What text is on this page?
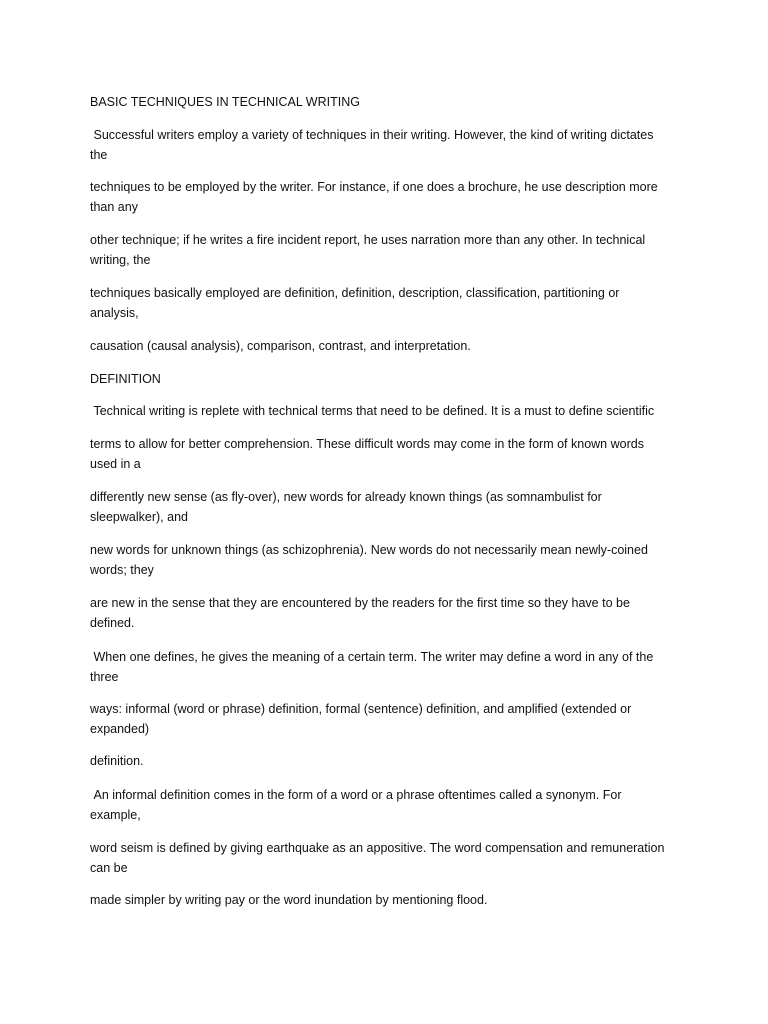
BASIC TECHNIQUES IN TECHNICAL WRITING
Successful writers employ a variety of techniques in their writing. However, the kind of writing dictates
the
techniques to be employed by the writer. For instance, if one does a brochure, he use description more
than any
other technique; if he writes a fire incident report, he uses narration more than any other. In technical
writing, the
techniques basically employed are definition, definition, description, classification, partitioning or
analysis,
causation (causal analysis), comparison, contrast, and interpretation.
DEFINITION
Technical writing is replete with technical terms that need to be defined. It is a must to define scientific
terms to allow for better comprehension. These difficult words may come in the form of known words
used in a
differently new sense (as fly-over), new words for already known things (as somnambulist for
sleepwalker), and
new words for unknown things (as schizophrenia). New words do not necessarily mean newly-coined
words; they
are new in the sense that they are encountered by the readers for the first time so they have to be
defined.
When one defines, he gives the meaning of a certain term. The writer may define a word in any of the
three
ways: informal (word or phrase) definition, formal (sentence) definition, and amplified (extended or
expanded)
definition.
An informal definition comes in the form of a word or a phrase oftentimes called a synonym. For
example,
word seism is defined by giving earthquake as an appositive. The word compensation and remuneration
can be
made simpler by writing pay or the word inundation by mentioning flood.
